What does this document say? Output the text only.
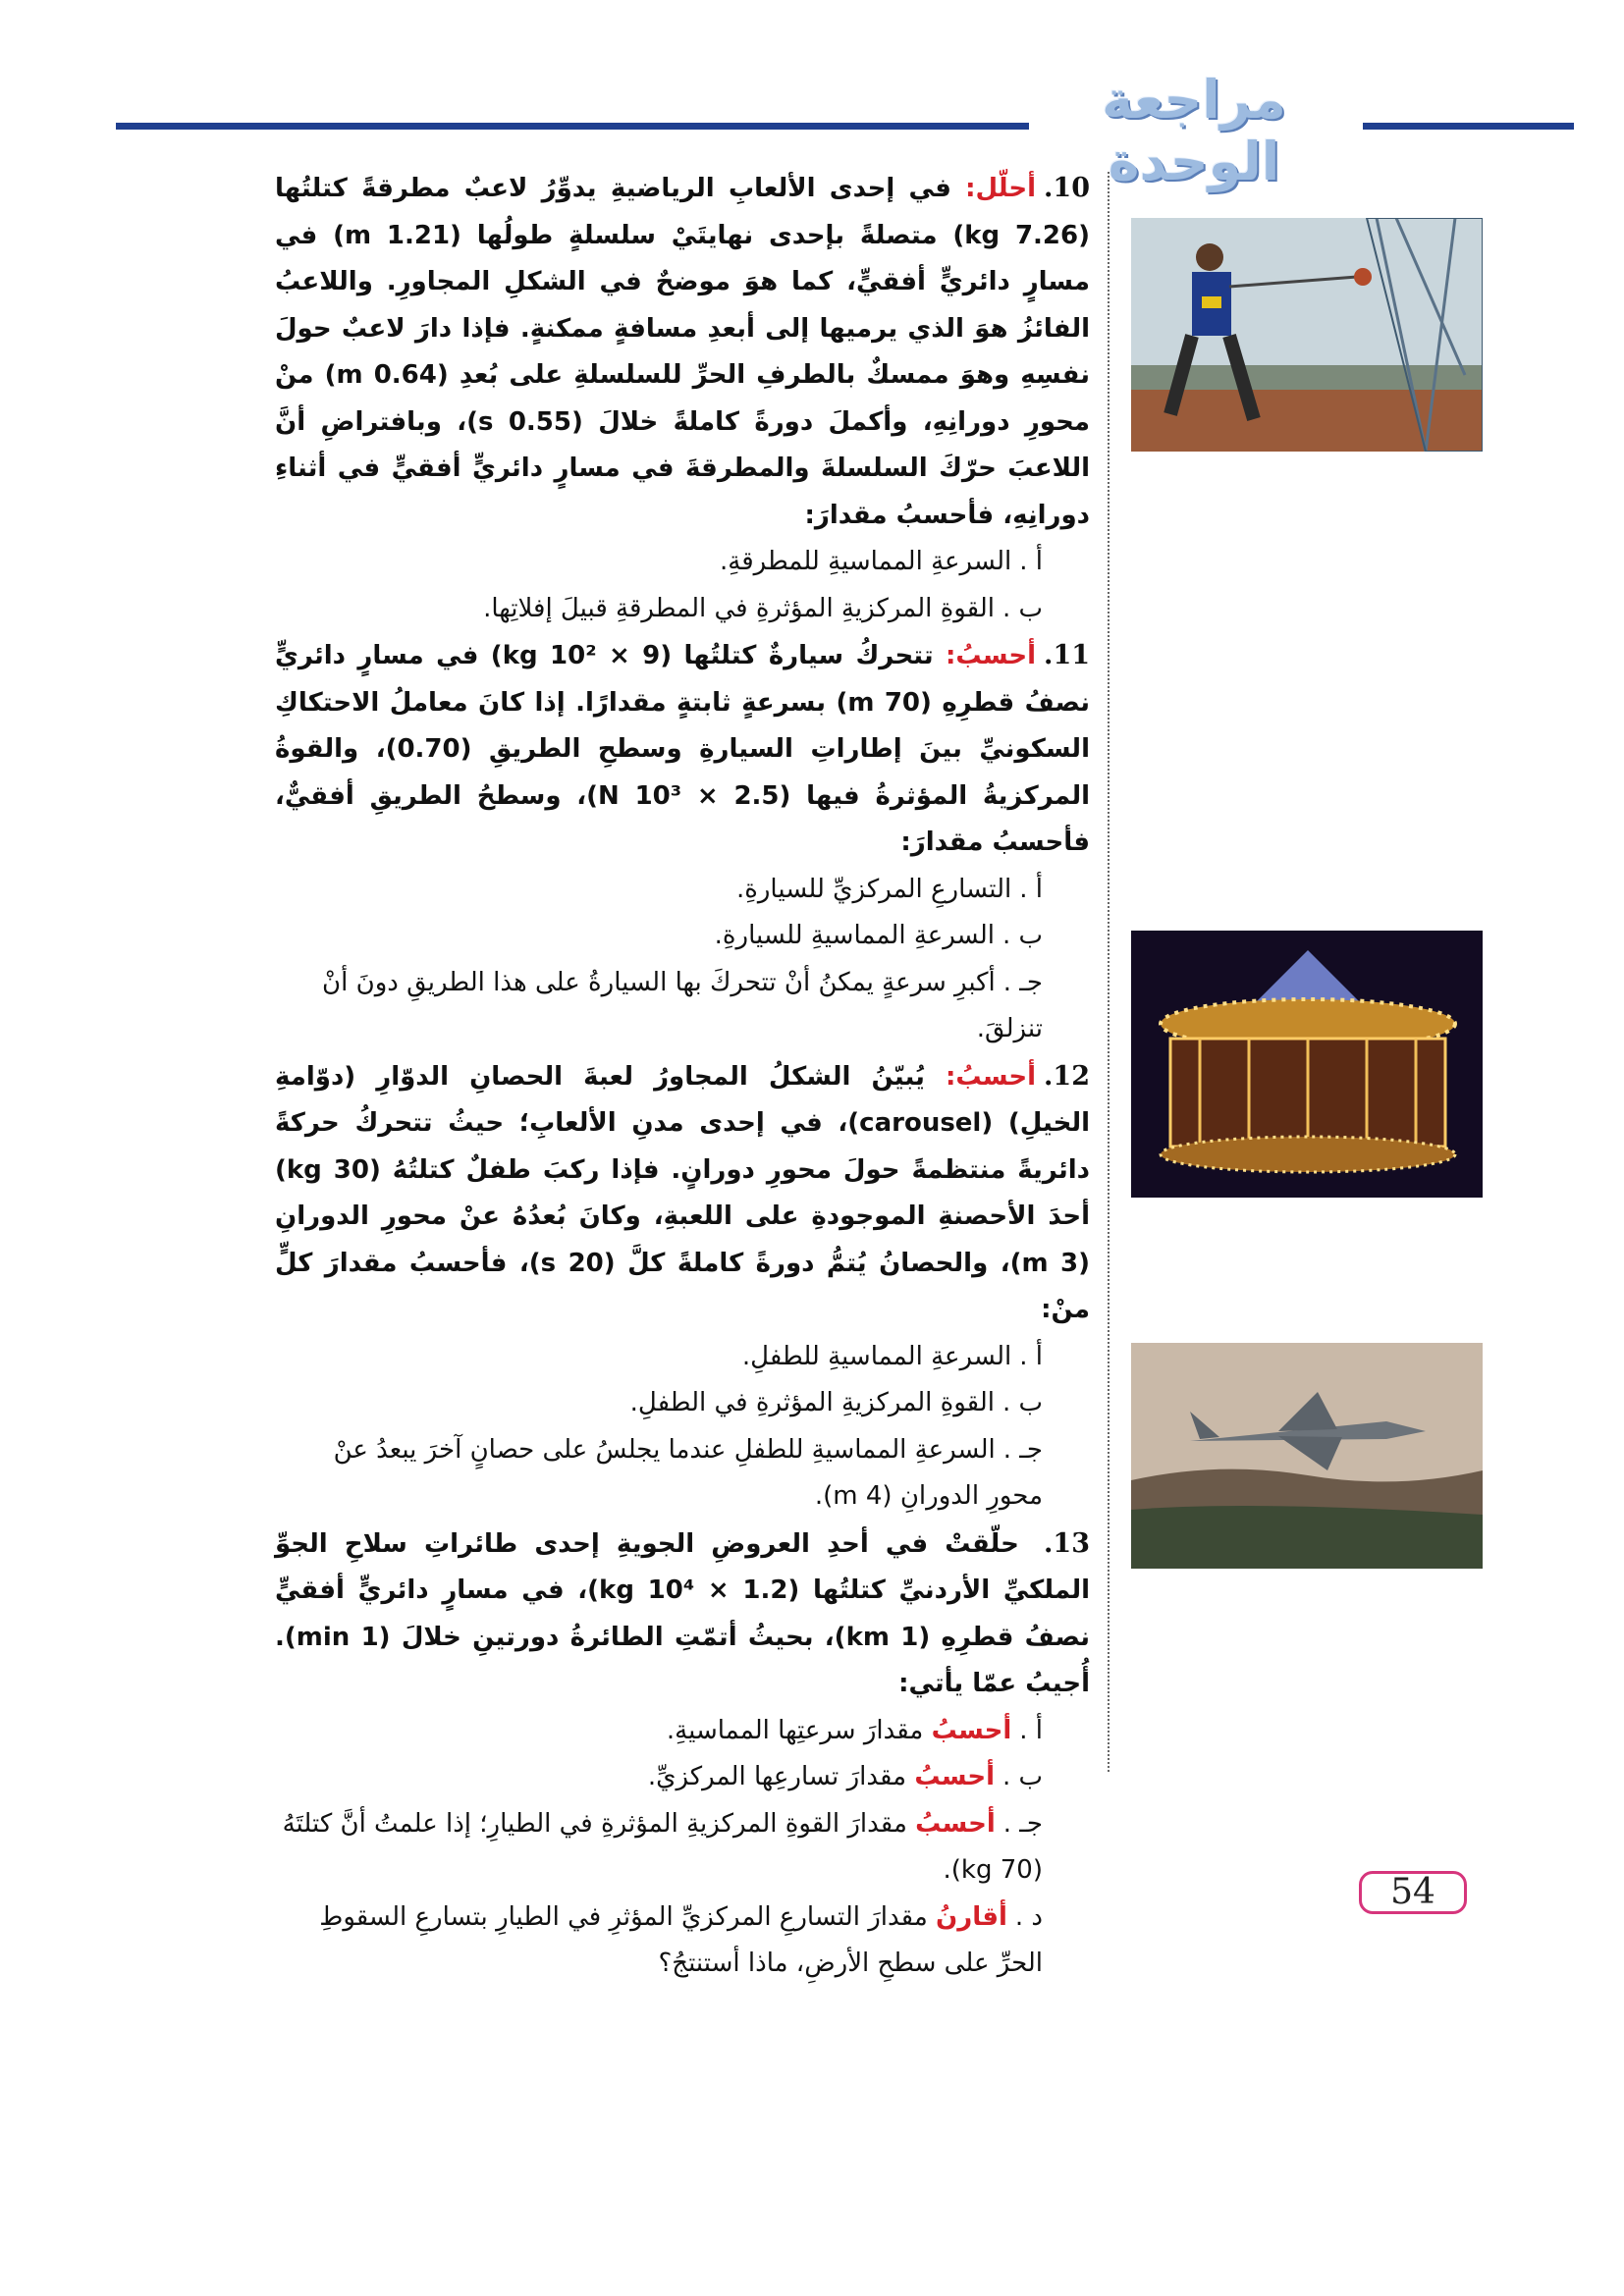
مراجعة الوحدة
10.أحلّل: في إحدى الألعابِ الرياضيةِ يدوِّرُ لاعبٌ مطرقةً كتلتُها (7.26 kg) متصلةً بإحدى نهايتَيْ سلسلةٍ طولُها (1.21 m) في مسارٍ دائريٍّ أفقيٍّ، كما هوَ موضحٌ في الشكلِ المجاورِ. واللاعبُ الفائزُ هوَ الذي يرميها إلى أبعدِ مسافةٍ ممكنةٍ. فإذا دارَ لاعبٌ حولَ نفسِهِ وهوَ ممسكٌ بالطرفِ الحرِّ للسلسلةِ على بُعدِ (0.64 m) منْ محورِ دورانِهِ، وأكملَ دورةً كاملةً خلالَ (0.55 s)، وبافتراضِ أنَّ اللاعبَ حرّكَ السلسلةَ والمطرقةَ في مسارٍ دائريٍّ أفقيٍّ في أثناءِ دورانِهِ، فأحسبُ مقدارَ:
أ .السرعةِ المماسيةِ للمطرقةِ.
ب .القوةِ المركزيةِ المؤثرةِ في المطرقةِ قبيلَ إفلاتِها.
11.أحسبُ: تتحركُ سيارةٌ كتلتُها (9 × 10² kg) في مسارٍ دائريٍّ نصفُ قطرِهِ (70 m) بسرعةٍ ثابتةٍ مقدارًا. إذا كانَ معاملُ الاحتكاكِ السكونيِّ بينَ إطاراتِ السيارةِ وسطحِ الطريقِ (0.70)، والقوةُ المركزيةُ المؤثرةُ فيها (2.5 × 10³ N)، وسطحُ الطريقِ أفقيٌّ، فأحسبُ مقدارَ:
أ .التسارعِ المركزيِّ للسيارةِ.
ب .السرعةِ المماسيةِ للسيارةِ.
جـ .أكبرِ سرعةٍ يمكنُ أنْ تتحركَ بها السيارةُ على هذا الطريقِ دونَ أنْ تنزلقَ.
12.أحسبُ: يُبيّنُ الشكلُ المجاورُ لعبةَ الحصانِ الدوّارِ (دوّامةِ الخيلِ) (carousel)، في إحدى مدنِ الألعابِ؛ حيثُ تتحركُ حركةً دائريةً منتظمةً حولَ محورِ دورانٍ. فإذا ركبَ طفلٌ كتلتُهُ (30 kg) أحدَ الأحصنةِ الموجودةِ على اللعبةِ، وكانَ بُعدُهُ عنْ محورِ الدورانِ (3 m)، والحصانُ يُتمُّ دورةً كاملةً كلَّ (20 s)، فأحسبُ مقدارَ كلٍّ منْ:
أ .السرعةِ المماسيةِ للطفلِ.
ب .القوةِ المركزيةِ المؤثرةِ في الطفلِ.
جـ .السرعةِ المماسيةِ للطفلِ عندما يجلسُ على حصانٍ آخرَ يبعدُ عنْ محورِ الدورانِ (4 m).
13. حلّقتْ في أحدِ العروضِ الجويةِ إحدى طائراتِ سلاحِ الجوِّ الملكيِّ الأردنيِّ كتلتُها (1.2 × 10⁴ kg)، في مسارٍ دائريٍّ أفقيٍّ نصفُ قطرِهِ (1 km)، بحيثُ أتمّتِ الطائرةُ دورتينِ خلالَ (1 min). أُجيبُ عمّا يأتي:
أ .أحسبُ مقدارَ سرعتِها المماسيةِ.
ب .أحسبُ مقدارَ تسارعِها المركزيِّ.
جـ .أحسبُ مقدارَ القوةِ المركزيةِ المؤثرةِ في الطيارِ؛ إذا علمتُ أنَّ كتلتَهُ (70 kg).
د .أقارنُ مقدارَ التسارعِ المركزيِّ المؤثرِ في الطيارِ بتسارعِ السقوطِ الحرِّ على سطحِ الأرضِ، ماذا أستنتجُ؟
54
